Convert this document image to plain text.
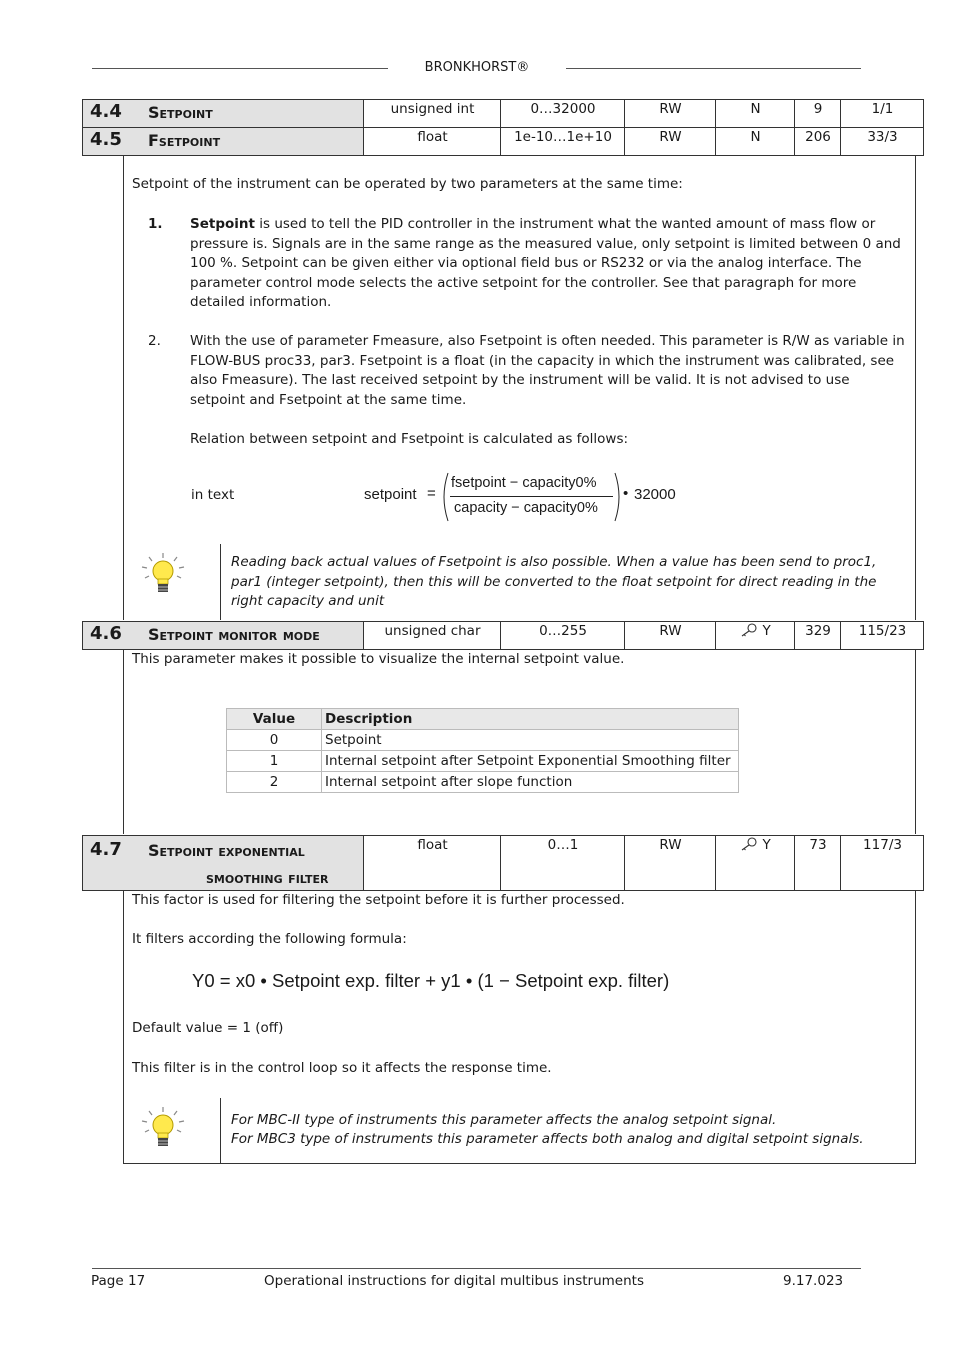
BRONKHORST®
4.4 Setpoint	unsigned int	0…32000	RW	N	9	1/1
4.5 Fsetpoint	float	1e-10…1e+10	RW	N	206	33/3

Setpoint of the instrument can be operated by two parameters at the same time:

1. Setpoint is used to tell the PID controller in the instrument what the wanted amount of mass flow or pressure is. Signals are in the same range as the measured value, only setpoint is limited between 0 and 100 %. Setpoint can be given either via optional field bus or RS232 or via the analog interface. The parameter control mode selects the active setpoint for the controller. See that paragraph for more detailed information.

2. With the use of parameter Fmeasure, also Fsetpoint is often needed. This parameter is R/W as variable in FLOW-BUS proc33, par3. Fsetpoint is a float (in the capacity in which the instrument was calibrated, see also Fmeasure). The last received setpoint by the instrument will be valid. It is not advised to use setpoint and Fsetpoint at the same time.

Relation between setpoint and Fsetpoint is calculated as follows:

in text	setpoint =
fsetpoint − capacity0%
capacity − capacity0%
• 32000

Reading back actual values of Fsetpoint is also possible. When a value has been send to proc1, par1 (integer setpoint), then this will be converted to the float setpoint for direct reading in the right capacity and unit

4.6 Setpoint monitor mode	unsigned char	0…255	RW	Y	329	115/23

This parameter makes it possible to visualize the internal setpoint value.

Value	Description
0	Setpoint
1	Internal setpoint after Setpoint Exponential Smoothing filter
2	Internal setpoint after slope function
4.7 Setpoint exponential
smoothing filter
float	0…1	RW	Y	73	117/3

This factor is used for filtering the setpoint before it is further processed.

It filters according the following formula:

Y0 = x0 • Setpoint exp. filter + y1 • (1 − Setpoint exp. filter)

Default value = 1 (off)

This filter is in the control loop so it affects the response time.

For MBC-II type of instruments this parameter affects the analog setpoint signal.

For MBC3 type of instruments this parameter affects both analog and digital setpoint signals.

Page 17	Operational instructions for digital multibus instruments	9.17.023
